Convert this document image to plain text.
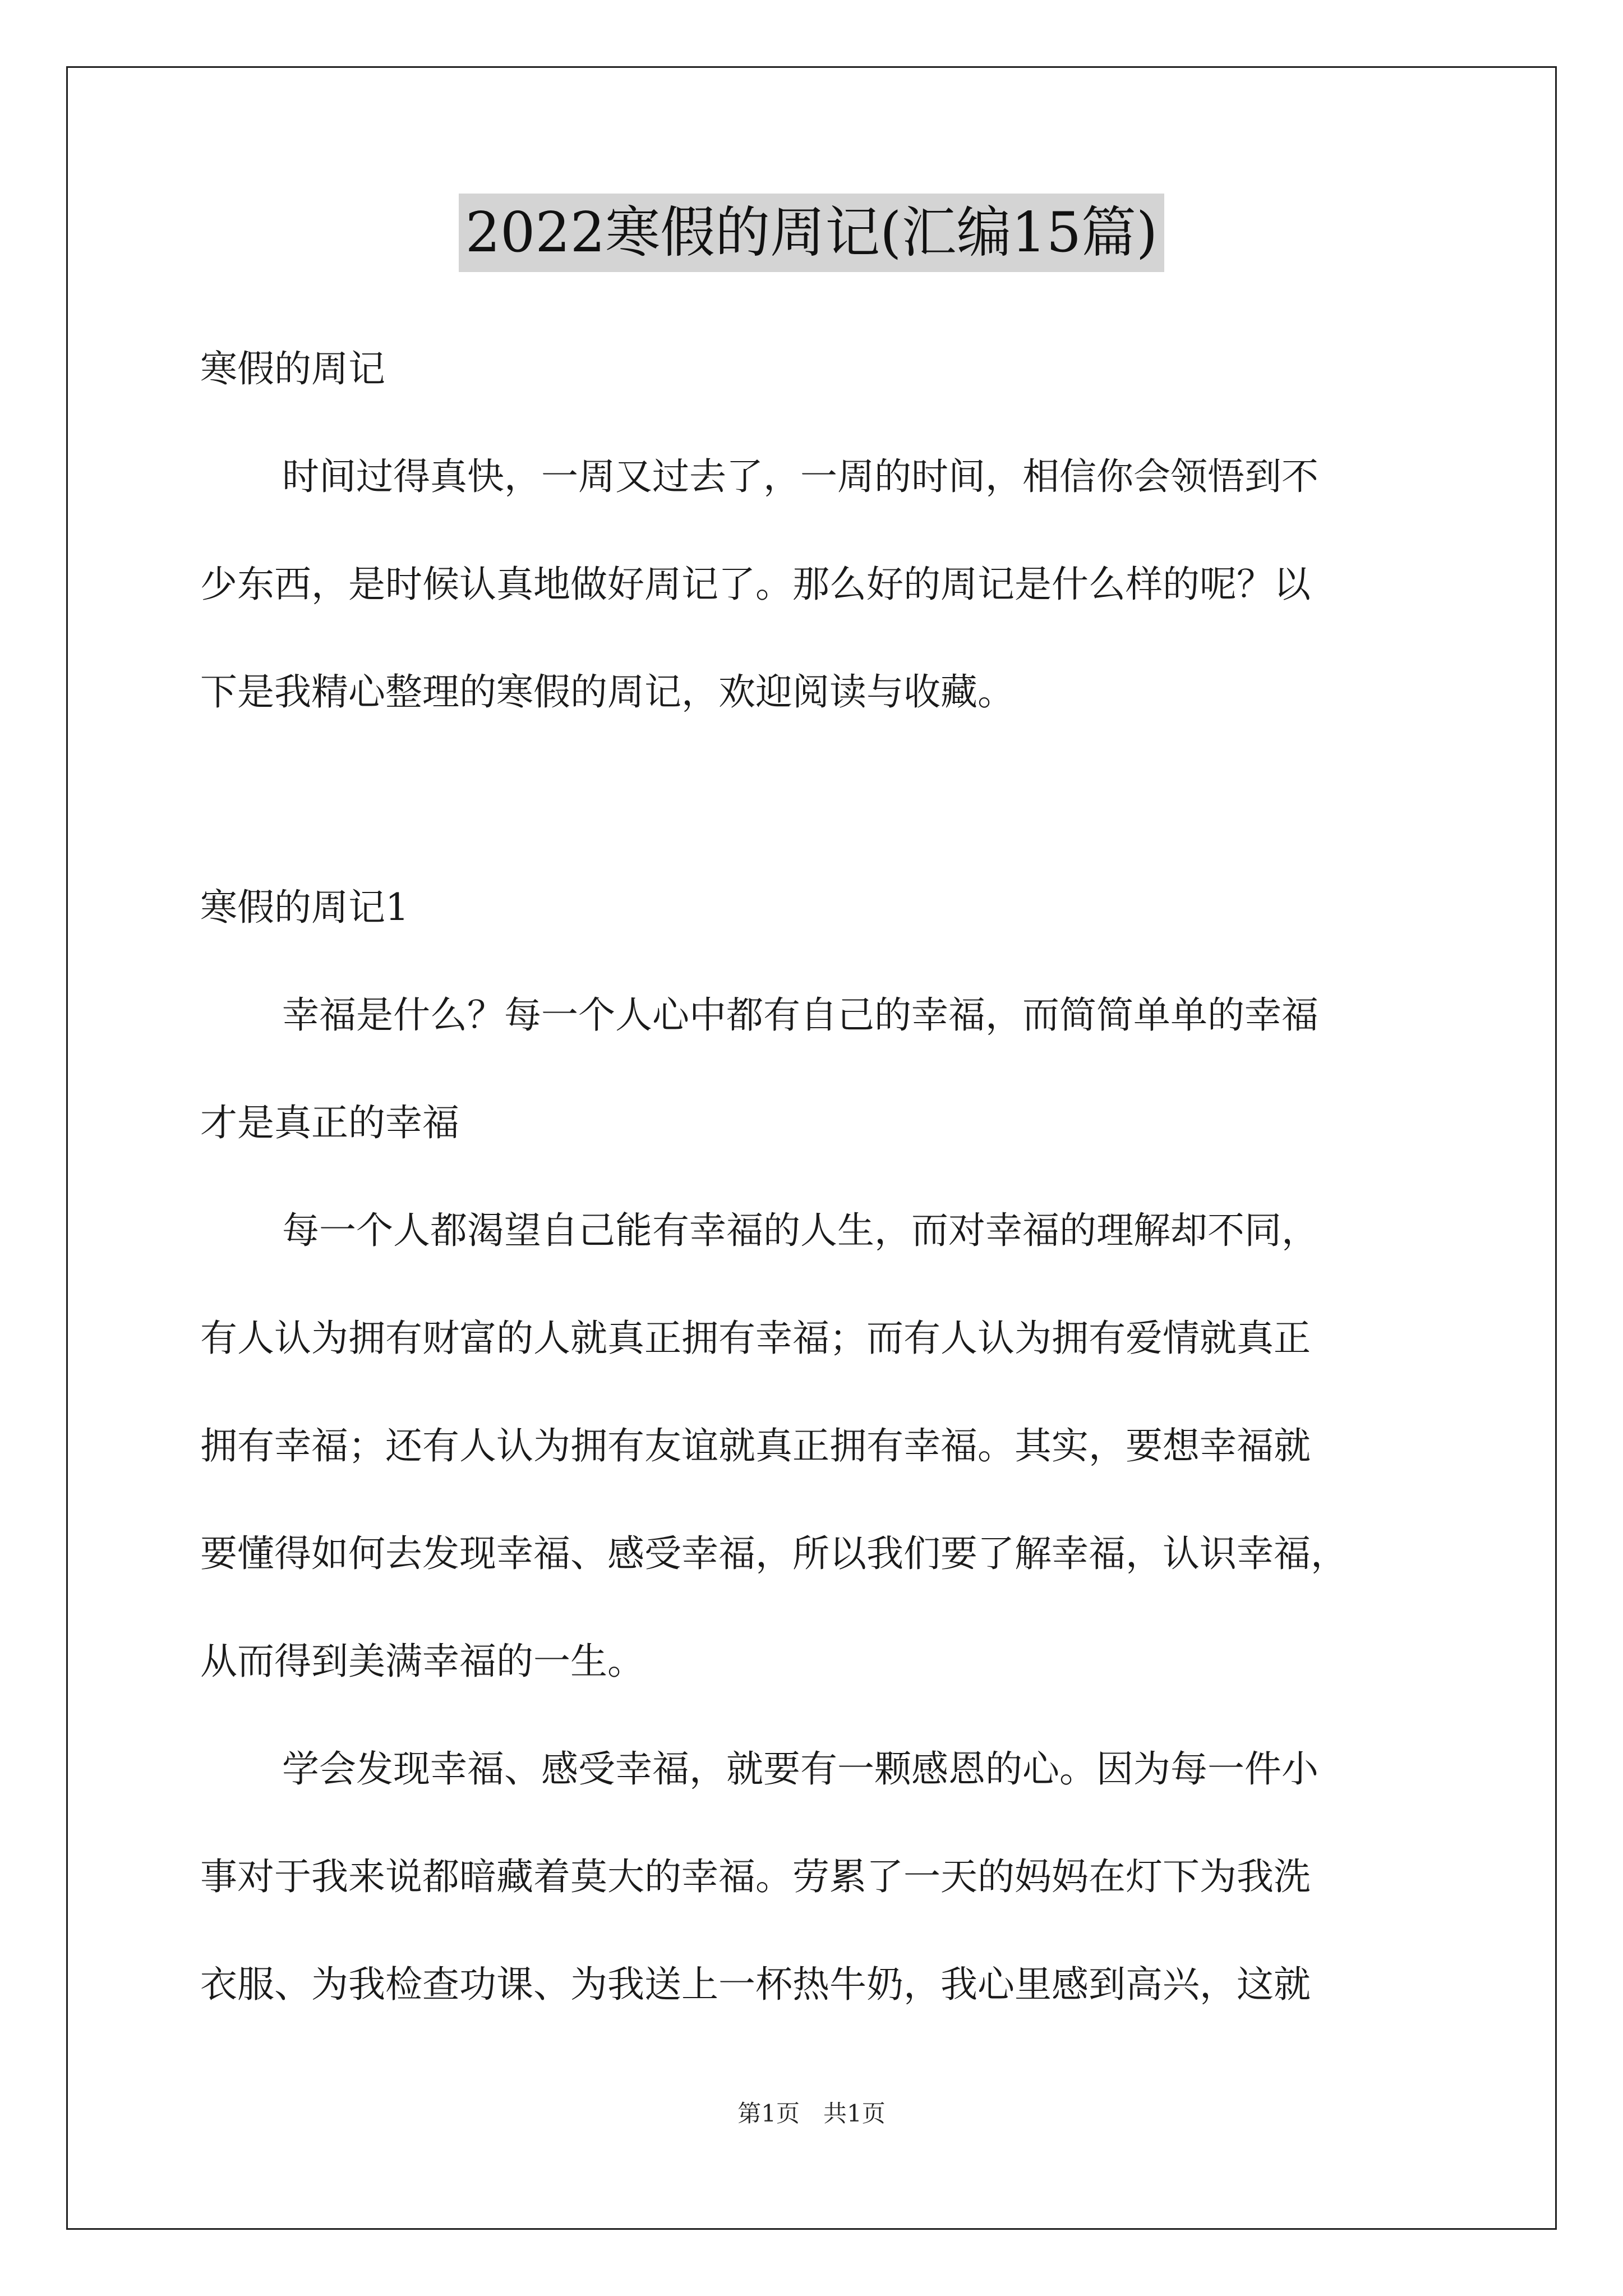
2022寒假的周记(汇编15篇)
寒假的周记
时间过得真快，一周又过去了，一周的时间，相信你会领悟到不
少东西，是时候认真地做好周记了。那么好的周记是什么样的呢？以
下是我精心整理的寒假的周记，欢迎阅读与收藏。
寒假的周记1
幸福是什么？每一个人心中都有自己的幸福，而简简单单的幸福
才是真正的幸福
每一个人都渴望自己能有幸福的人生，而对幸福的理解却不同，
有人认为拥有财富的人就真正拥有幸福；而有人认为拥有爱情就真正
拥有幸福；还有人认为拥有友谊就真正拥有幸福。其实，要想幸福就
要懂得如何去发现幸福、感受幸福，所以我们要了解幸福，认识幸福，
从而得到美满幸福的一生。
学会发现幸福、感受幸福，就要有一颗感恩的心。因为每一件小
事对于我来说都暗藏着莫大的幸福。劳累了一天的妈妈在灯下为我洗
衣服、为我检查功课、为我送上一杯热牛奶，我心里感到高兴，这就
第1页　共1页
